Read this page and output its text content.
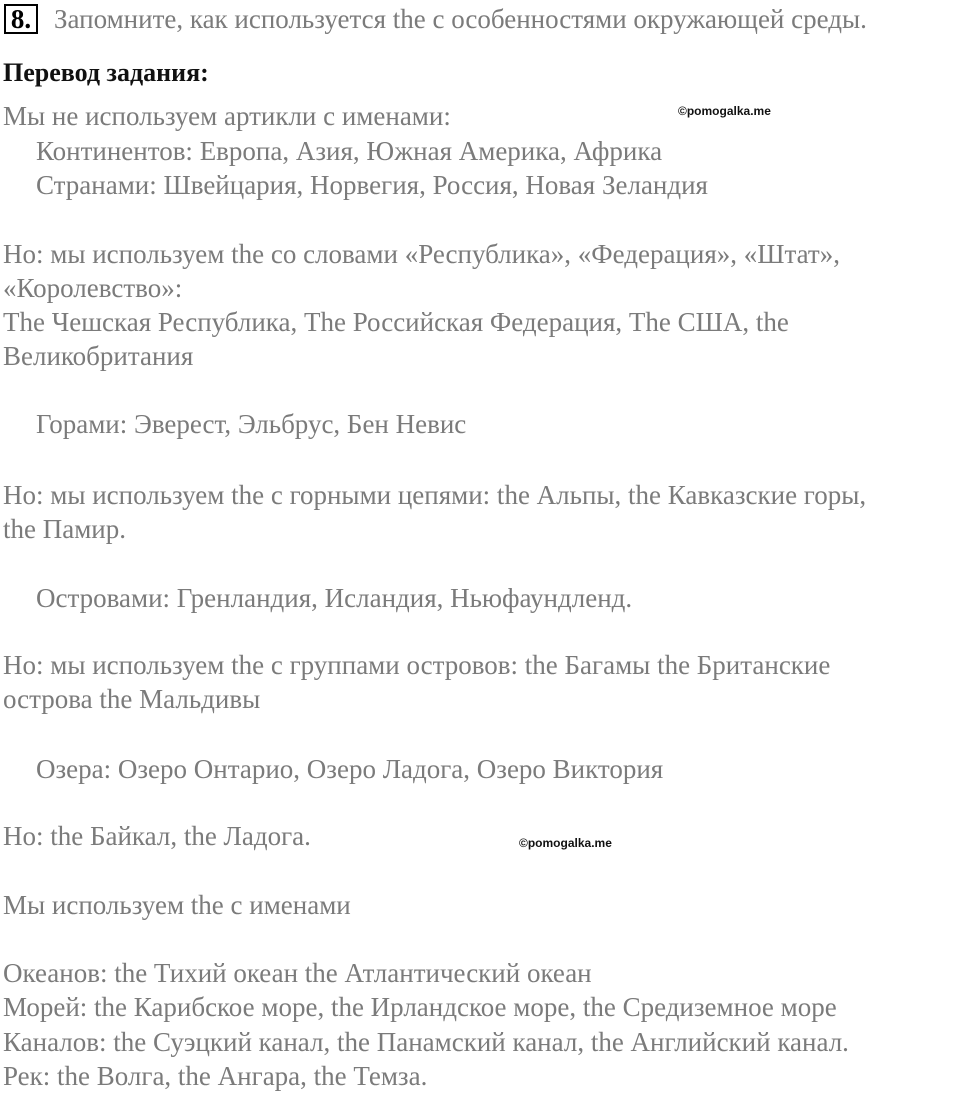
8. Запомните, как используется the с особенностями окружающей среды.
Перевод задания:
©pomogalka.me
©pomogalka.me
Мы не используем артикли с именами:
Континентов: Европа, Азия, Южная Америка, Африка
Странами: Швейцария, Норвегия, Россия, Новая Зеландия
Но: мы используем the со словами «Республика», «Федерация», «Штат»,
«Королевство»:
The Чешская Республика, The Российская Федерация, The США, the
Великобритания
Горами: Эверест, Эльбрус, Бен Невис
Но: мы используем the с горными цепями: the Альпы, the Кавказские горы,
the Памир.
Островами: Гренландия, Исландия, Ньюфаундленд.
Но: мы используем the с группами островов: the Багамы the Британские
острова the Мальдивы
Озера: Озеро Онтарио, Озеро Ладога, Озеро Виктория
Но: the Байкал, the Ладога.
Мы используем the с именами
Океанов: the Тихий океан the Атлантический океан
Морей: the Карибское море, the Ирландское море, the Средиземное море
Каналов: the Суэцкий канал, the Панамский канал, the Английский канал.
Рек: the Волга, the Ангара, the Темза.
